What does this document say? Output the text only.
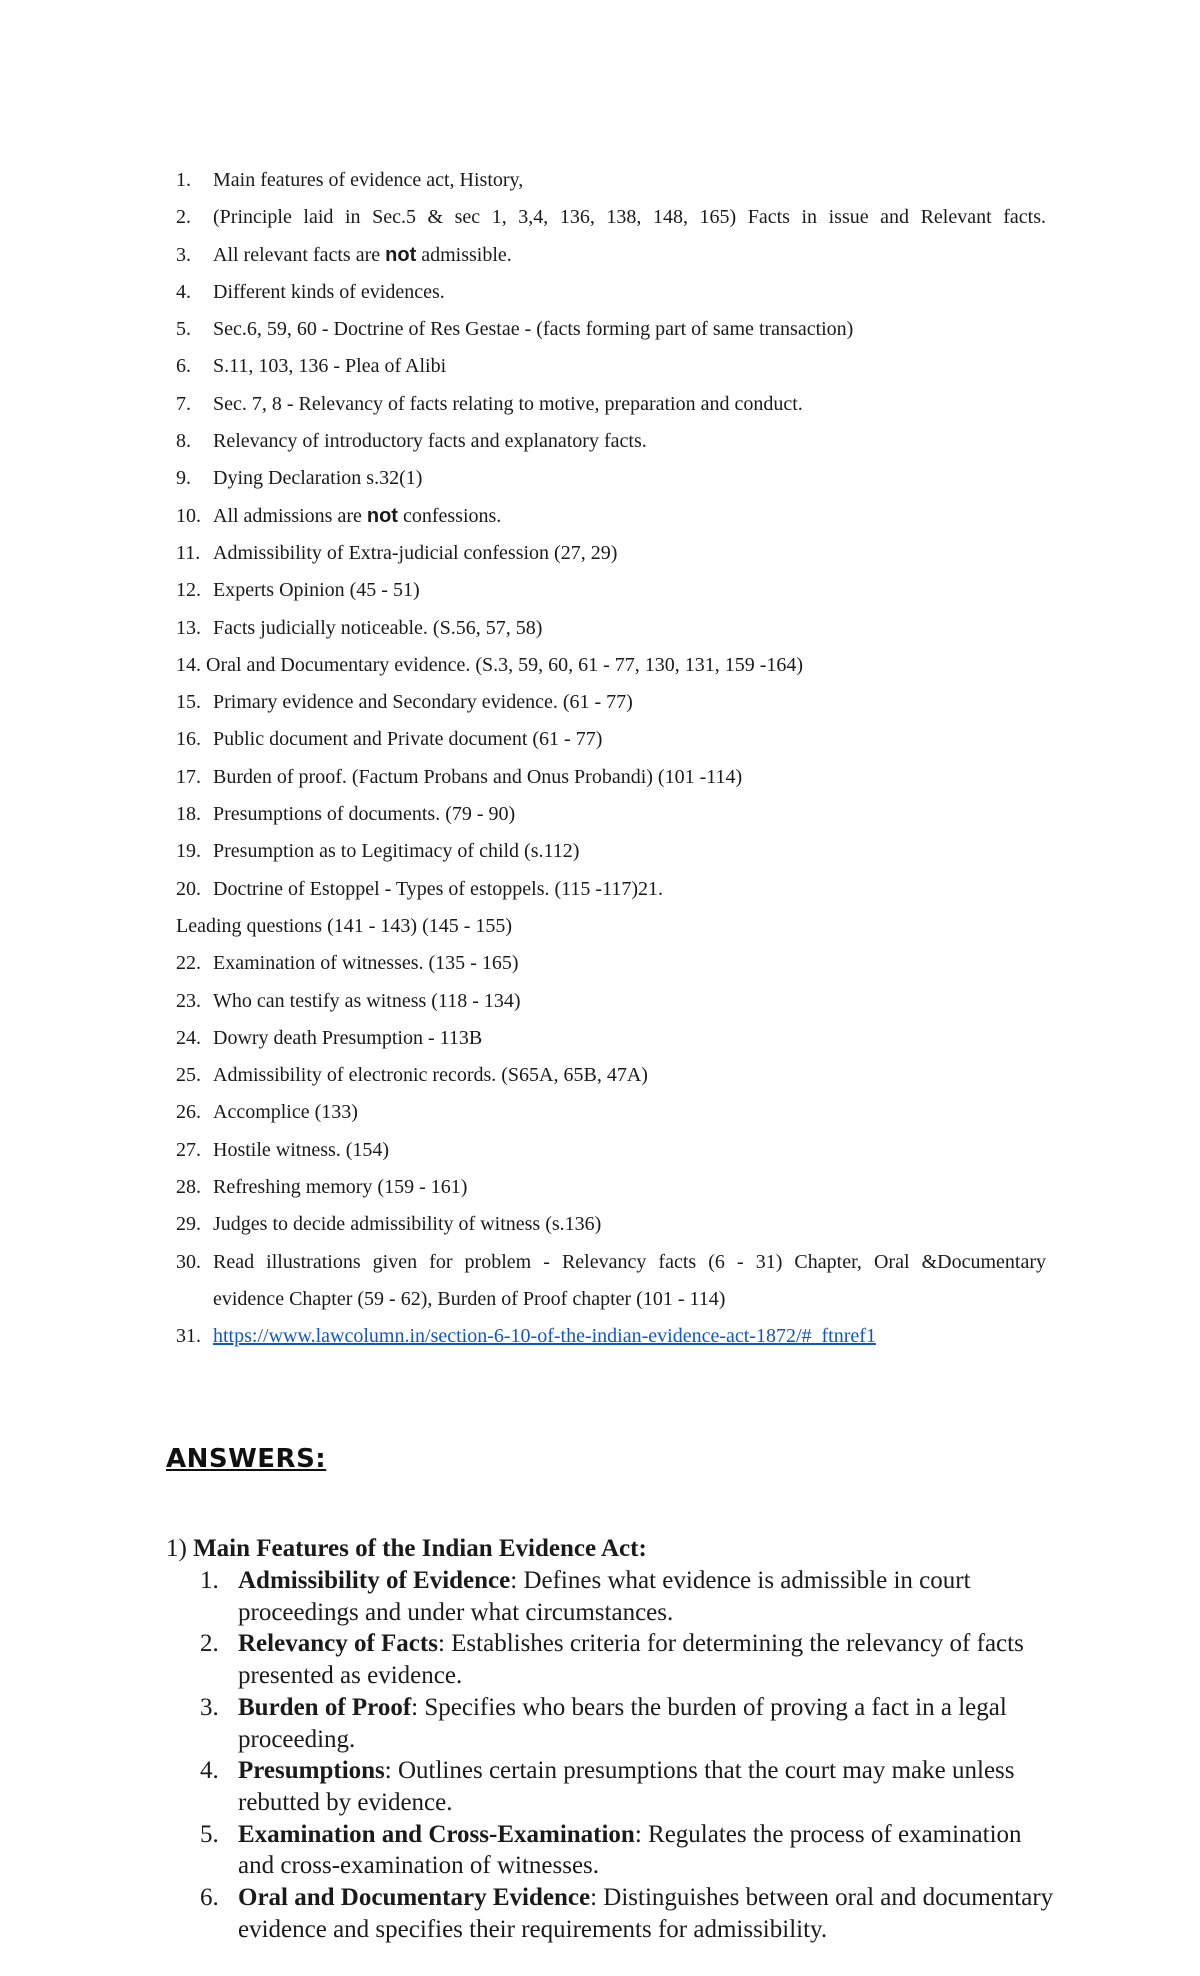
1. Main features of evidence act, History,
2. (Principle laid in Sec.5 & sec 1, 3,4, 136, 138, 148, 165) Facts in issue and Relevant facts.
3. All relevant facts are not admissible.
4. Different kinds of evidences.
5. Sec.6, 59, 60 - Doctrine of Res Gestae - (facts forming part of same transaction)
6. S.11, 103, 136 - Plea of Alibi
7. Sec. 7, 8 - Relevancy of facts relating to motive, preparation and conduct.
8. Relevancy of introductory facts and explanatory facts.
9. Dying Declaration s.32(1)
10. All admissions are not confessions.
11. Admissibility of Extra-judicial confession (27, 29)
12. Experts Opinion (45 - 51)
13. Facts judicially noticeable. (S.56, 57, 58)
14. Oral and Documentary evidence. (S.3, 59, 60, 61 - 77, 130, 131, 159 -164)
15. Primary evidence and Secondary evidence. (61 - 77)
16. Public document and Private document (61 - 77)
17. Burden of proof. (Factum Probans and Onus Probandi) (101 -114)
18. Presumptions of documents. (79 - 90)
19. Presumption as to Legitimacy of child (s.112)
20. Doctrine of Estoppel - Types of estoppels. (115 -117)21.
Leading questions (141 - 143) (145 - 155)
22. Examination of witnesses. (135 - 165)
23. Who can testify as witness (118 - 134)
24. Dowry death Presumption - 113B
25. Admissibility of electronic records. (S65A, 65B, 47A)
26. Accomplice (133)
27. Hostile witness. (154)
28. Refreshing memory (159 - 161)
29. Judges to decide admissibility of witness (s.136)
30. Read illustrations given for problem - Relevancy facts (6 - 31) Chapter, Oral &Documentary
evidence Chapter (59 - 62), Burden of Proof chapter (101 - 114)
31. https://www.lawcolumn.in/section-6-10-of-the-indian-evidence-act-1872/#_ftnref1
ANSWERS:
1) Main Features of the Indian Evidence Act:
1. Admissibility of Evidence: Defines what evidence is admissible in court proceedings and under what circumstances.
2. Relevancy of Facts: Establishes criteria for determining the relevancy of facts presented as evidence.
3. Burden of Proof: Specifies who bears the burden of proving a fact in a legal proceeding.
4. Presumptions: Outlines certain presumptions that the court may make unless rebutted by evidence.
5. Examination and Cross-Examination: Regulates the process of examination and cross-examination of witnesses.
6. Oral and Documentary Evidence: Distinguishes between oral and documentary evidence and specifies their requirements for admissibility.
